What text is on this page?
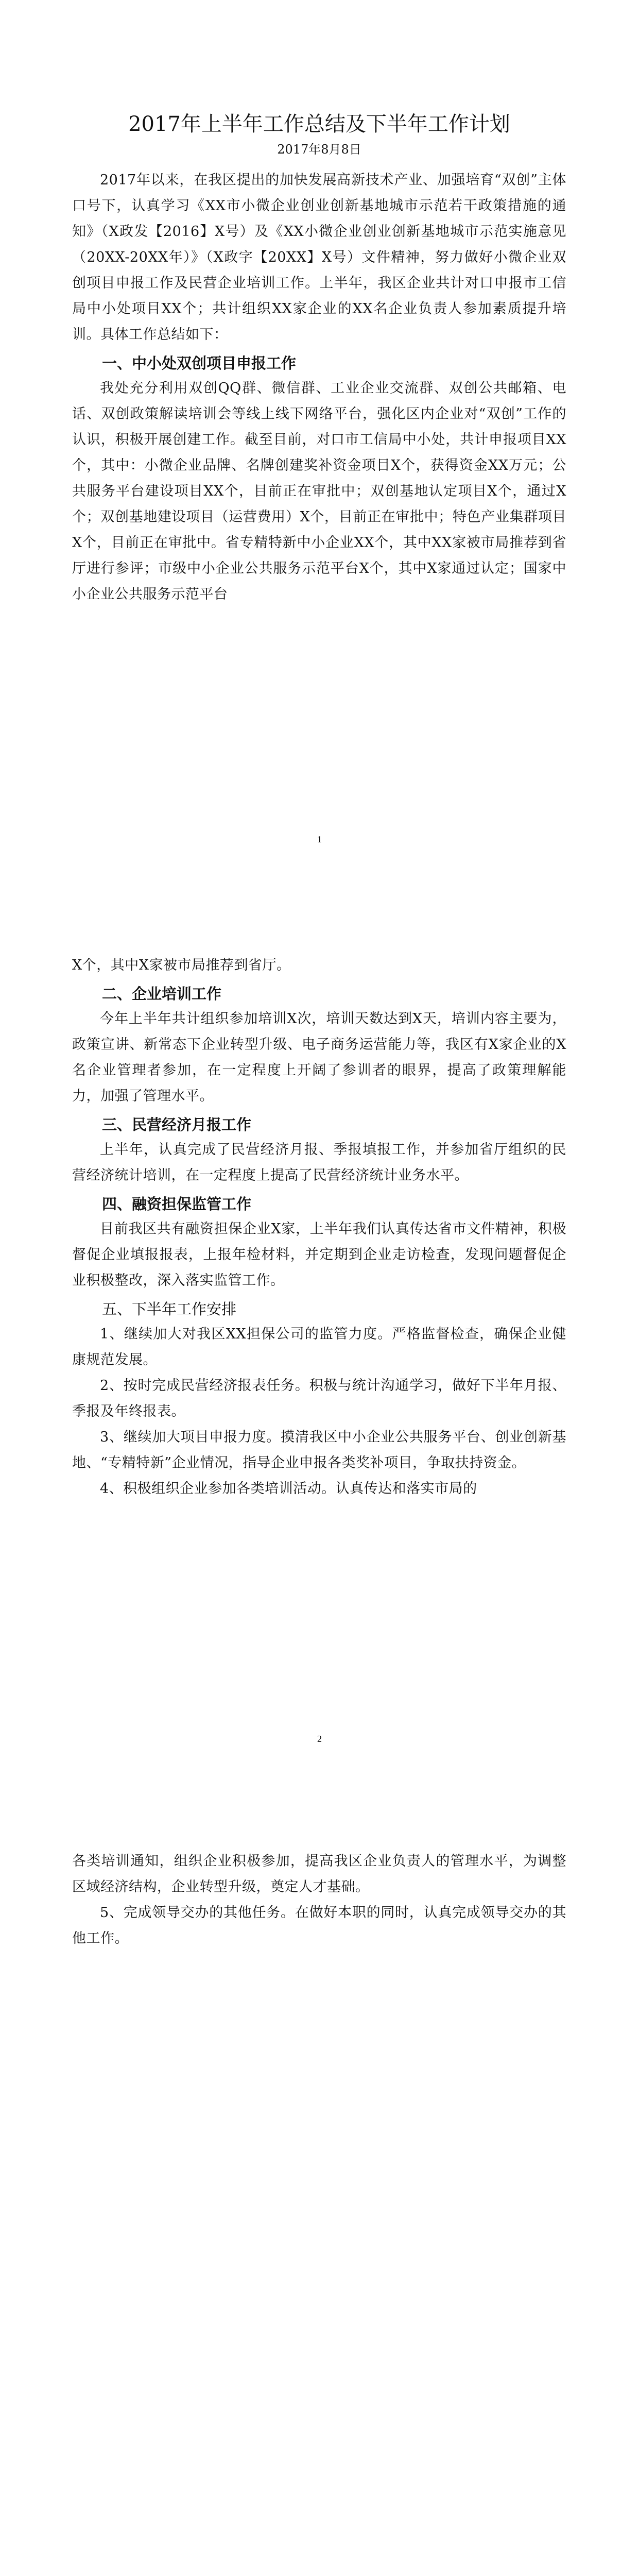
2017年上半年工作总结及下半年工作计划
2017年8月8日

2017年以来，在我区提出的加快发展高新技术产业、加强培育“双创”主体口号下，认真学习《XX市小微企业创业创新基地城市示范若干政策措施的通知》（X政发【2016】X号）及《XX小微企业创业创新基地城市示范实施意见（20XX-20XX年）》（X政字【20XX】X号）文件精神，努力做好小微企业双创项目申报工作及民营企业培训工作。上半年，我区企业共计对口申报市工信局中小处项目XX个；共计组织XX家企业的XX名企业负责人参加素质提升培训。具体工作总结如下：

一、中小处双创项目申报工作

我处充分利用双创QQ群、微信群、工业企业交流群、双创公共邮箱、电话、双创政策解读培训会等线上线下网络平台，强化区内企业对“双创”工作的认识，积极开展创建工作。截至目前，对口市工信局中小处，共计申报项目XX个，其中：小微企业品牌、名牌创建奖补资金项目X个，获得资金XX万元；公共服务平台建设项目XX个，目前正在审批中；双创基地认定项目X个，通过X个；双创基地建设项目（运营费用）X个，目前正在审批中；特色产业集群项目X个，目前正在审批中。省专精特新中小企业XX个，其中XX家被市局推荐到省厅进行参评；市级中小企业公共服务示范平台X个，其中X家通过认定；国家中小企业公共服务示范平台

1

X个，其中X家被市局推荐到省厅。

二、企业培训工作

今年上半年共计组织参加培训X次，培训天数达到X天，培训内容主要为，政策宣讲、新常态下企业转型升级、电子商务运营能力等，我区有X家企业的X名企业管理者参加，在一定程度上开阔了参训者的眼界，提高了政策理解能力，加强了管理水平。

三、民营经济月报工作

上半年，认真完成了民营经济月报、季报填报工作，并参加省厅组织的民营经济统计培训，在一定程度上提高了民营经济统计业务水平。

四、融资担保监管工作

目前我区共有融资担保企业X家，上半年我们认真传达省市文件精神，积极督促企业填报报表，上报年检材料，并定期到企业走访检查，发现问题督促企业积极整改，深入落实监管工作。

五、下半年工作安排

1、继续加大对我区XX担保公司的监管力度。严格监督检查，确保企业健康规范发展。

2、按时完成民营经济报表任务。积极与统计沟通学习，做好下半年月报、季报及年终报表。

3、继续加大项目申报力度。摸清我区中小企业公共服务平台、创业创新基地、“专精特新”企业情况，指导企业申报各类奖补项目，争取扶持资金。

4、积极组织企业参加各类培训活动。认真传达和落实市局的

2

各类培训通知，组织企业积极参加，提高我区企业负责人的管理水平，为调整区域经济结构，企业转型升级，奠定人才基础。

5、完成领导交办的其他任务。在做好本职的同时，认真完成领导交办的其他工作。
